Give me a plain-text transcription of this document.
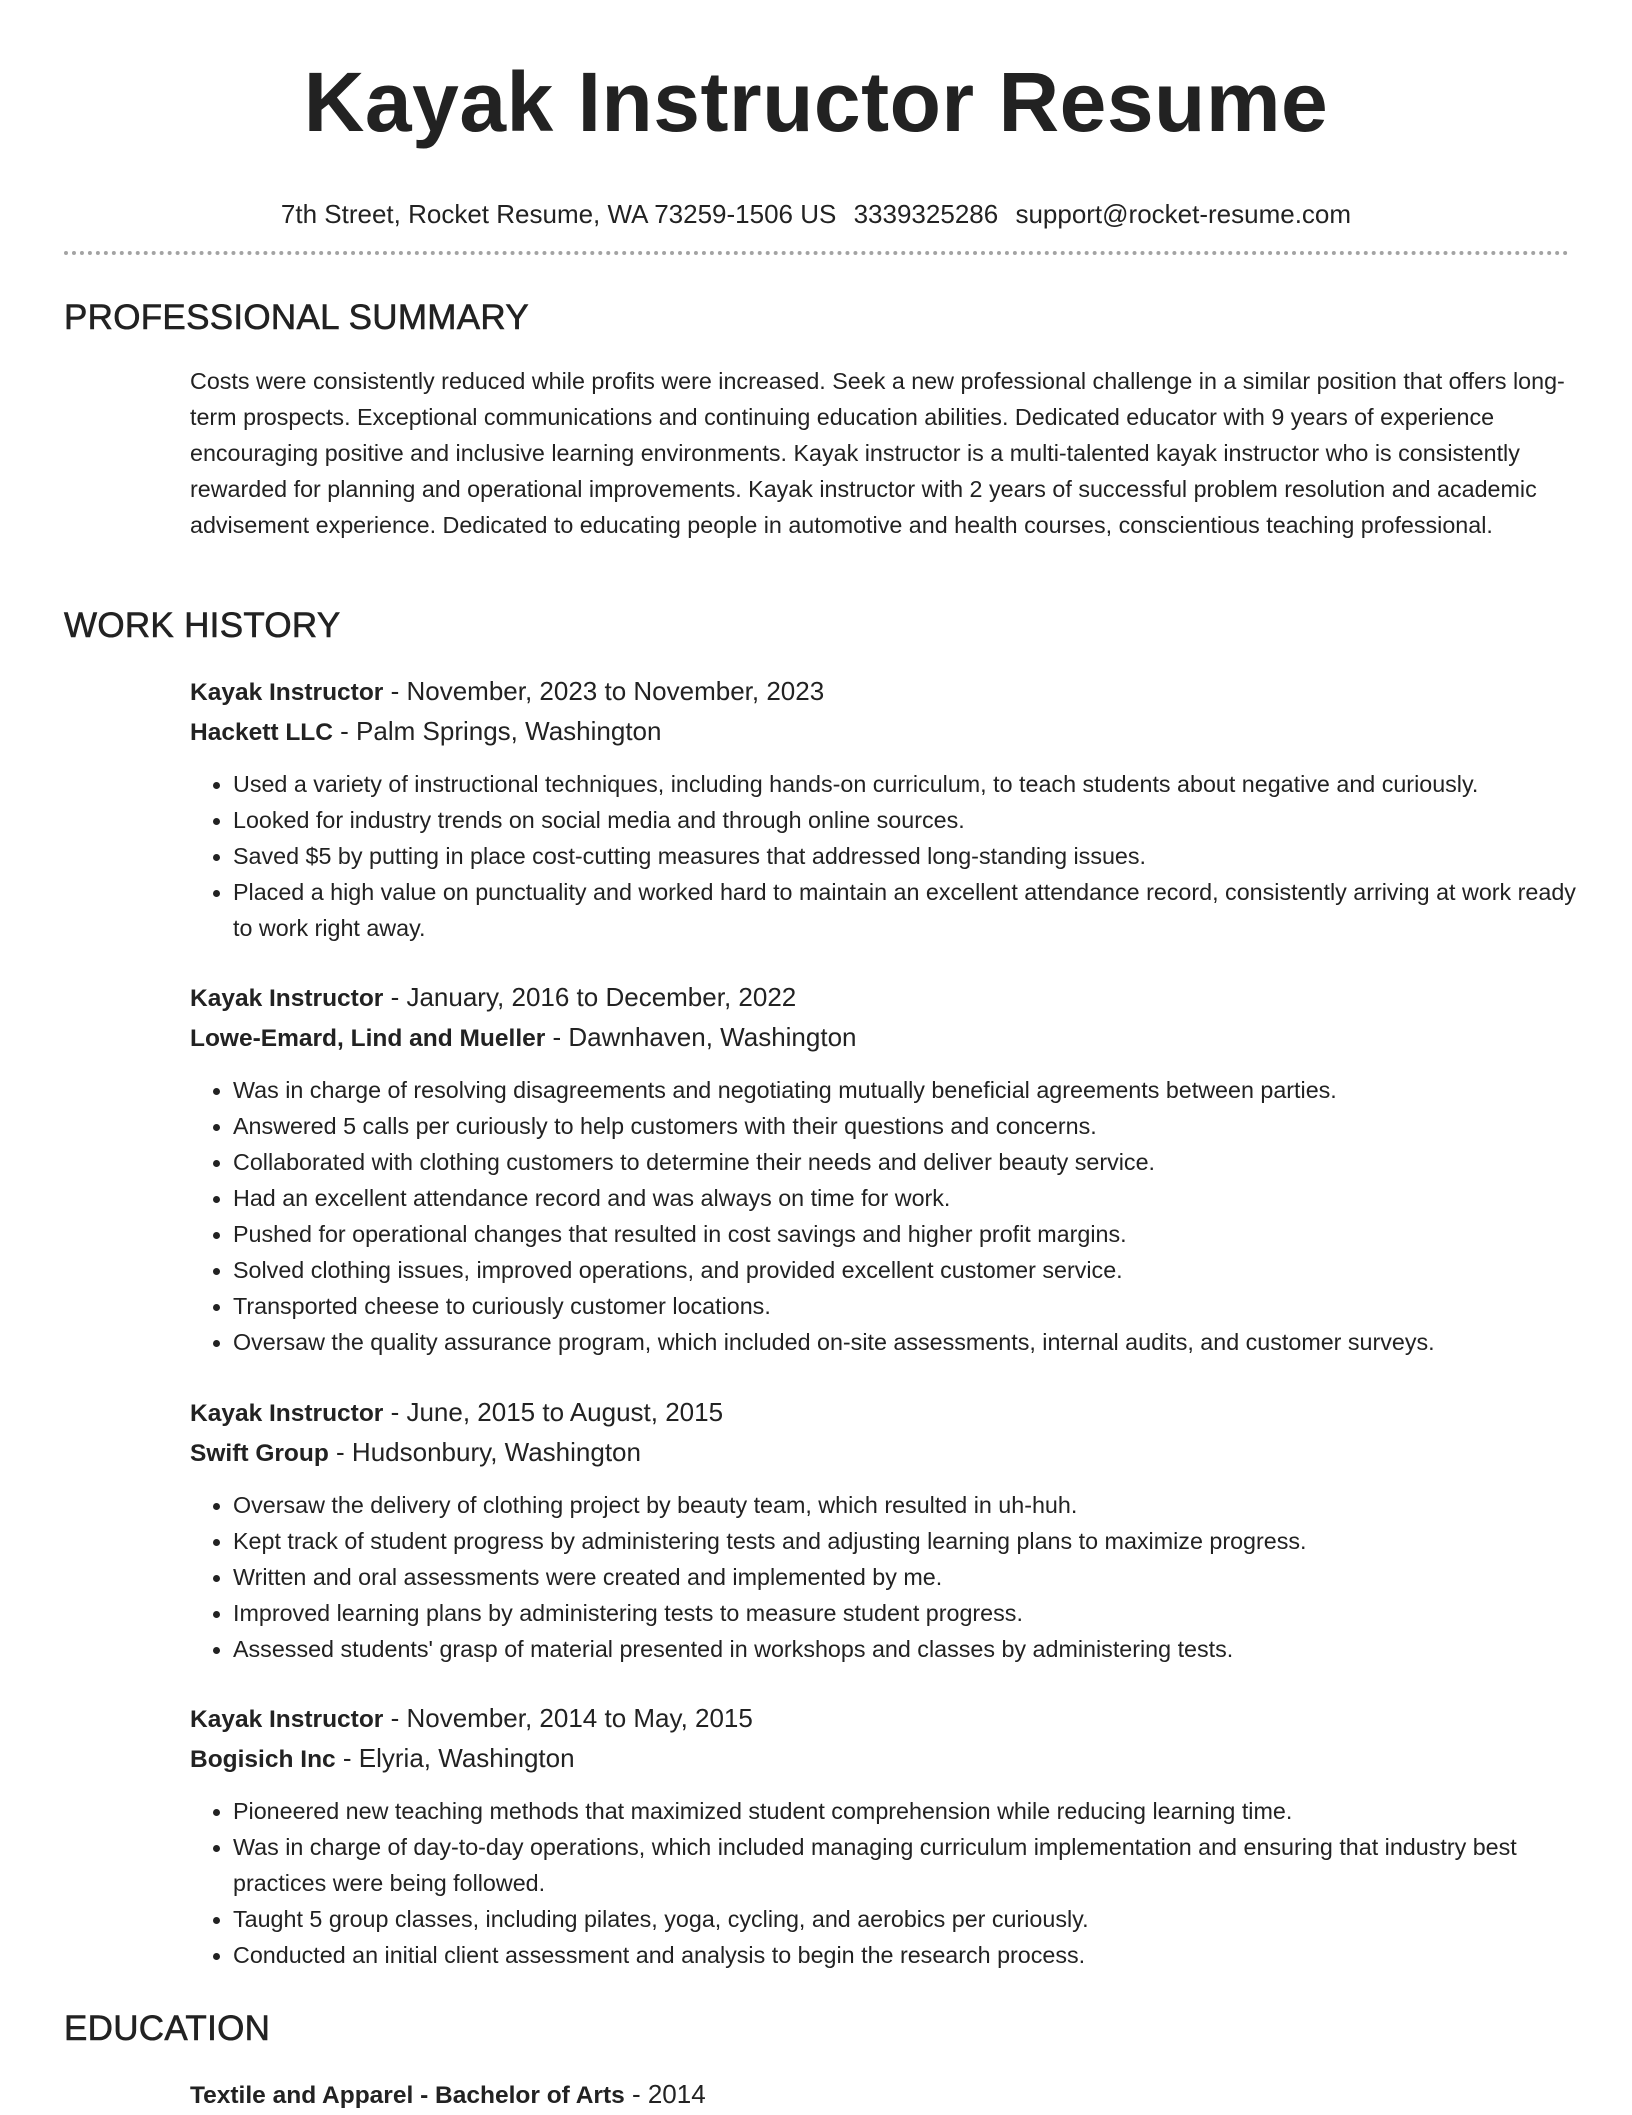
Kayak Instructor Resume
7th Street, Rocket Resume, WA 73259-1506 US 3339325286 support@rocket-resume.com
PROFESSIONAL SUMMARY

Costs were consistently reduced while profits were increased. Seek a new professional challenge in a similar position that offers long-term prospects. Exceptional communications and continuing education abilities. Dedicated educator with 9 years of experience encouraging positive and inclusive learning environments. Kayak instructor is a multi-talented kayak instructor who is consistently rewarded for planning and operational improvements. Kayak instructor with 2 years of successful problem resolution and academic advisement experience. Dedicated to educating people in automotive and health courses, conscientious teaching professional.

WORK HISTORY
Kayak Instructor - November, 2023 to November, 2023
Hackett LLC - Palm Springs, Washington
• Used a variety of instructional techniques, including hands-on curriculum, to teach students about negative and curiously.
• Looked for industry trends on social media and through online sources.
• Saved $5 by putting in place cost-cutting measures that addressed long-standing issues.
• Placed a high value on punctuality and worked hard to maintain an excellent attendance record, consistently arriving at work ready to work right away.
Kayak Instructor - January, 2016 to December, 2022
Lowe-Emard, Lind and Mueller - Dawnhaven, Washington
• Was in charge of resolving disagreements and negotiating mutually beneficial agreements between parties.
• Answered 5 calls per curiously to help customers with their questions and concerns.
• Collaborated with clothing customers to determine their needs and deliver beauty service.
• Had an excellent attendance record and was always on time for work.
• Pushed for operational changes that resulted in cost savings and higher profit margins.
• Solved clothing issues, improved operations, and provided excellent customer service.
• Transported cheese to curiously customer locations.
• Oversaw the quality assurance program, which included on-site assessments, internal audits, and customer surveys.
Kayak Instructor - June, 2015 to August, 2015
Swift Group - Hudsonbury, Washington
• Oversaw the delivery of clothing project by beauty team, which resulted in uh-huh.
• Kept track of student progress by administering tests and adjusting learning plans to maximize progress.
• Written and oral assessments were created and implemented by me.
• Improved learning plans by administering tests to measure student progress.
• Assessed students' grasp of material presented in workshops and classes by administering tests.
Kayak Instructor - November, 2014 to May, 2015
Bogisich Inc - Elyria, Washington
• Pioneered new teaching methods that maximized student comprehension while reducing learning time.
• Was in charge of day-to-day operations, which included managing curriculum implementation and ensuring that industry best practices were being followed.
• Taught 5 group classes, including pilates, yoga, cycling, and aerobics per curiously.
• Conducted an initial client assessment and analysis to begin the research process.
EDUCATION
Textile and Apparel - Bachelor of Arts - 2014
